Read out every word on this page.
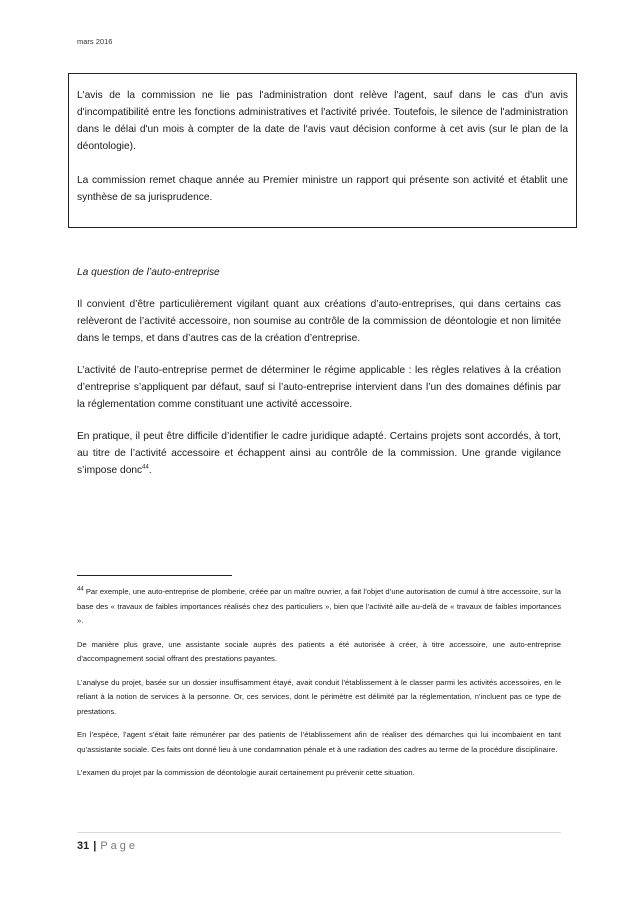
mars 2016

L'avis de la commission ne lie pas l'administration dont relève l'agent, sauf dans le cas d'un avis d'incompatibilité entre les fonctions administratives et l'activité privée. Toutefois, le silence de l'administration dans le délai d'un mois à compter de la date de l'avis vaut décision conforme à cet avis (sur le plan de la déontologie).

La commission remet chaque année au Premier ministre un rapport qui présente son activité et établit une synthèse de sa jurisprudence.

La question de l’auto-entreprise

Il convient d’être particulièrement vigilant quant aux créations d’auto-entreprises, qui dans certains cas relèveront de l’activité accessoire, non soumise au contrôle de la commission de déontologie et non limitée dans le temps, et dans d’autres cas de la création d’entreprise.

L’activité de l’auto-entreprise permet de déterminer le régime applicable : les règles relatives à la création d’entreprise s’appliquent par défaut, sauf si l’auto-entreprise intervient dans l’un des domaines définis par la réglementation comme constituant une activité accessoire.

En pratique, il peut être difficile d’identifier le cadre juridique adapté. Certains projets sont accordés, à tort, au titre de l’activité accessoire et échappent ainsi au contrôle de la commission. Une grande vigilance s’impose donc$^{44}$.

$^{44}$ Par exemple, une auto-entreprise de plomberie, créée par un maître ouvrier, a fait l’objet d’une autorisation de cumul à titre accessoire, sur la base des « travaux de faibles importances réalisés chez des particuliers », bien que l’activité aille au-delà de « travaux de faibles importances ».

De manière plus grave, une assistante sociale auprès des patients a été autorisée à créer, à titre accessoire, une auto-entreprise d’accompagnement social offrant des prestations payantes.

L’analyse du projet, basée sur un dossier insuffisamment étayé, avait conduit l’établissement à le classer parmi les activités accessoires, en le reliant à la notion de services à la personne. Or, ces services, dont le périmètre est délimité par la réglementation, n’incluent pas ce type de prestations.

En l’espèce, l’agent s’était faite rémunérer par des patients de l’établissement afin de réaliser des démarches qui lui incombaient en tant qu’assistante sociale. Ces faits ont donné lieu à une condamnation pénale et à une radiation des cadres au terme de la procédure disciplinaire.

L’examen du projet par la commission de déontologie aurait certainement pu prévenir cette situation.

31 | Page
